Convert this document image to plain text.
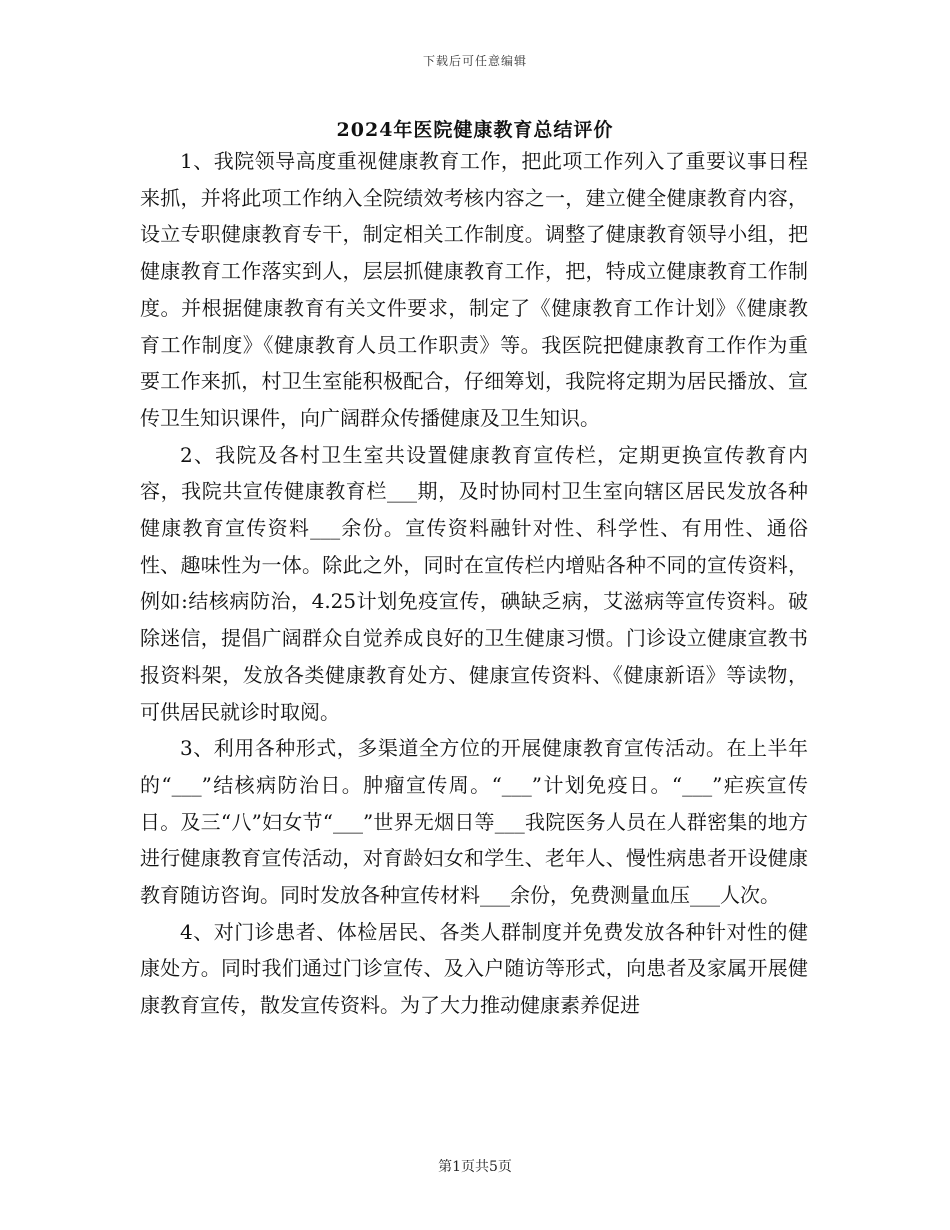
下载后可任意编辑
2024年医院健康教育总结评价

1、我院领导高度重视健康教育工作，把此项工作列入了重要议事日程来抓，并将此项工作纳入全院绩效考核内容之一，建立健全健康教育内容，设立专职健康教育专干，制定相关工作制度。调整了健康教育领导小组，把健康教育工作落实到人，层层抓健康教育工作，把，特成立健康教育工作制度。并根据健康教育有关文件要求，制定了《健康教育工作计划》《健康教育工作制度》《健康教育人员工作职责》等。我医院把健康教育工作作为重要工作来抓，村卫生室能积极配合，仔细筹划，我院将定期为居民播放、宣传卫生知识课件，向广阔群众传播健康及卫生知识。

2、我院及各村卫生室共设置健康教育宣传栏，定期更换宣传教育内容，我院共宣传健康教育栏___期，及时协同村卫生室向辖区居民发放各种健康教育宣传资料___余份。宣传资料融针对性、科学性、有用性、通俗性、趣味性为一体。除此之外，同时在宣传栏内增贴各种不同的宣传资料，例如:结核病防治，4.25计划免疫宣传，碘缺乏病，艾滋病等宣传资料。破除迷信，提倡广阔群众自觉养成良好的卫生健康习惯。门诊设立健康宣教书报资料架，发放各类健康教育处方、健康宣传资料、《健康新语》等读物，可供居民就诊时取阅。

3、利用各种形式，多渠道全方位的开展健康教育宣传活动。在上半年的“___”结核病防治日。肿瘤宣传周。“___”计划免疫日。“___”疟疾宣传日。及三“八”妇女节“___”世界无烟日等___我院医务人员在人群密集的地方进行健康教育宣传活动，对育龄妇女和学生、老年人、慢性病患者开设健康教育随访咨询。同时发放各种宣传材料___余份，免费测量血压___人次。

4、对门诊患者、体检居民、各类人群制度并免费发放各种针对性的健康处方。同时我们通过门诊宣传、及入户随访等形式，向患者及家属开展健康教育宣传，散发宣传资料。为了大力推动健康素养促进

第1页共5页
